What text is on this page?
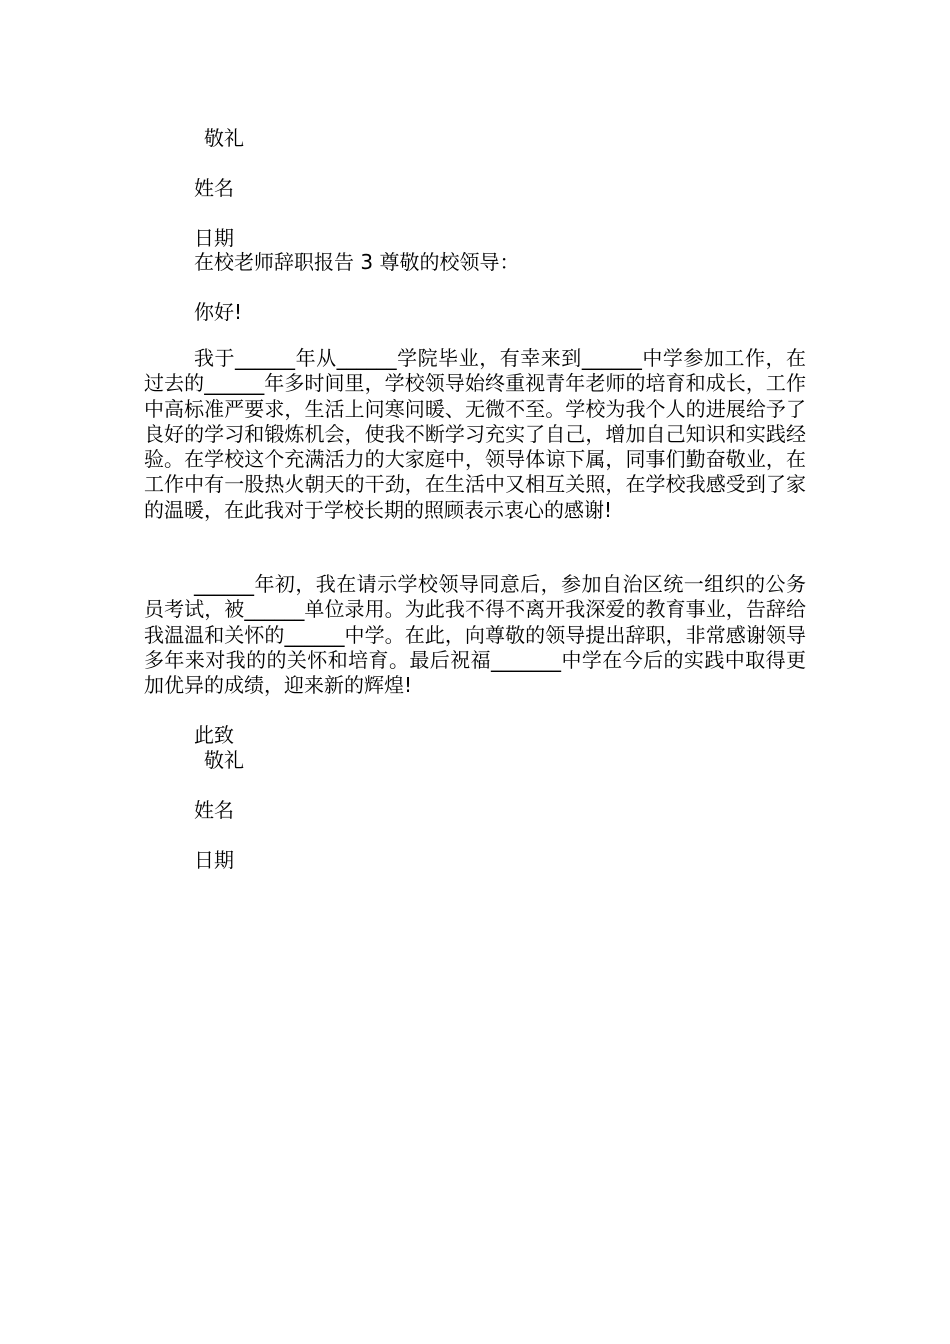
敬礼
姓名
日期
在校老师辞职报告 3 尊敬的校领导：
你好!

我于______年从______学院毕业，有幸来到______中学参加工作，在过去的______年多时间里，学校领导始终重视青年老师的培育和成长，工作中高标准严要求，生活上问寒问暖、无微不至。学校为我个人的进展给予了良好的学习和锻炼机会，使我不断学习充实了自己，增加自己知识和实践经验。在学校这个充满活力的大家庭中，领导体谅下属，同事们勤奋敬业，在工作中有一股热火朝天的干劲，在生活中又相互关照，在学校我感受到了家的温暖，在此我对于学校长期的照顾表示衷心的感谢!

______年初，我在请示学校领导同意后，参加自治区统一组织的公务员考试，被______单位录用。为此我不得不离开我深爱的教育事业，告辞给我温温和关怀的______中学。在此，向尊敬的领导提出辞职，非常感谢领导多年来对我的的关怀和培育。最后祝福_______中学在今后的实践中取得更加优异的成绩，迎来新的辉煌!

此致
敬礼
姓名
日期
